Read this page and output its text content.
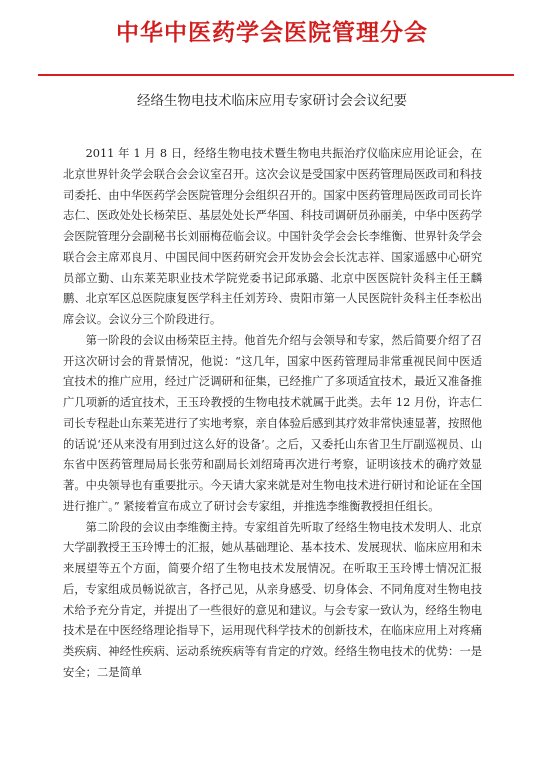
中华中医药学会医院管理分会
经络生物电技术临床应用专家研讨会会议纪要

2011 年 1 月 8 日，经络生物电技术暨生物电共振治疗仪临床应用论证会，在北京世界针灸学会联合会会议室召开。这次会议是受国家中医药管理局医政司和科技司委托、由中华医药学会医院管理分会组织召开的。国家中医药管理局医政司司长许志仁、医政处处长杨荣臣、基层处处长严华国、科技司调研员孙丽美，中华中医药学会医院管理分会副秘书长刘丽梅莅临会议。中国针灸学会会长李维衡、世界针灸学会联合会主席邓良月、中国民间中医药研究会开发协会会长沈志祥、国家遥感中心研究员部立勤、山东莱芜职业技术学院党委书记邱承璐、北京中医医院针灸科主任王麟鹏、北京军区总医院康复医学科主任刘芳玲、贵阳市第一人民医院针灸科主任李松出席会议。会议分三个阶段进行。

第一阶段的会议由杨荣臣主持。他首先介绍与会领导和专家，然后简要介绍了召开这次研讨会的背景情况，他说：“这几年，国家中医药管理局非常重视民间中医适宜技术的推广应用，经过广泛调研和征集，已经推广了多项适宜技术，最近又准备推广几项新的适宜技术，王玉玲教授的生物电技术就属于此类。去年 12 月份，许志仁司长专程赴山东莱芜进行了实地考察，亲自体验后感到其疗效非常快速显著，按照他的话说‘还从来没有用到过这么好的设备’。之后，又委托山东省卫生厅副巡视员、山东省中医药管理局局长张劳和副局长刘绍琦再次进行考察，证明该技术的确疗效显著。中央领导也有重要批示。今天请大家来就是对生物电技术进行研讨和论证在全国进行推广。” 紧接着宣布成立了研讨会专家组，并推选李维衡教授担任组长。

第二阶段的会议由李维衡主持。专家组首先听取了经络生物电技术发明人、北京大学副教授王玉玲博士的汇报，她从基础理论、基本技术、发展现状、临床应用和未来展望等五个方面，简要介绍了生物电技术发展情况。在听取王玉玲博士情况汇报后，专家组成员畅说欲言，各抒己见，从亲身感受、切身体会、不同角度对生物电技术给予充分肯定，并提出了一些很好的意见和建议。与会专家一致认为，经络生物电技术是在中医经络理论指导下，运用现代科学技术的创新技术，在临床应用上对疼痛类疾病、神经性疾病、运动系统疾病等有肯定的疗效。经络生物电技术的优势：一是安全；二是简单
